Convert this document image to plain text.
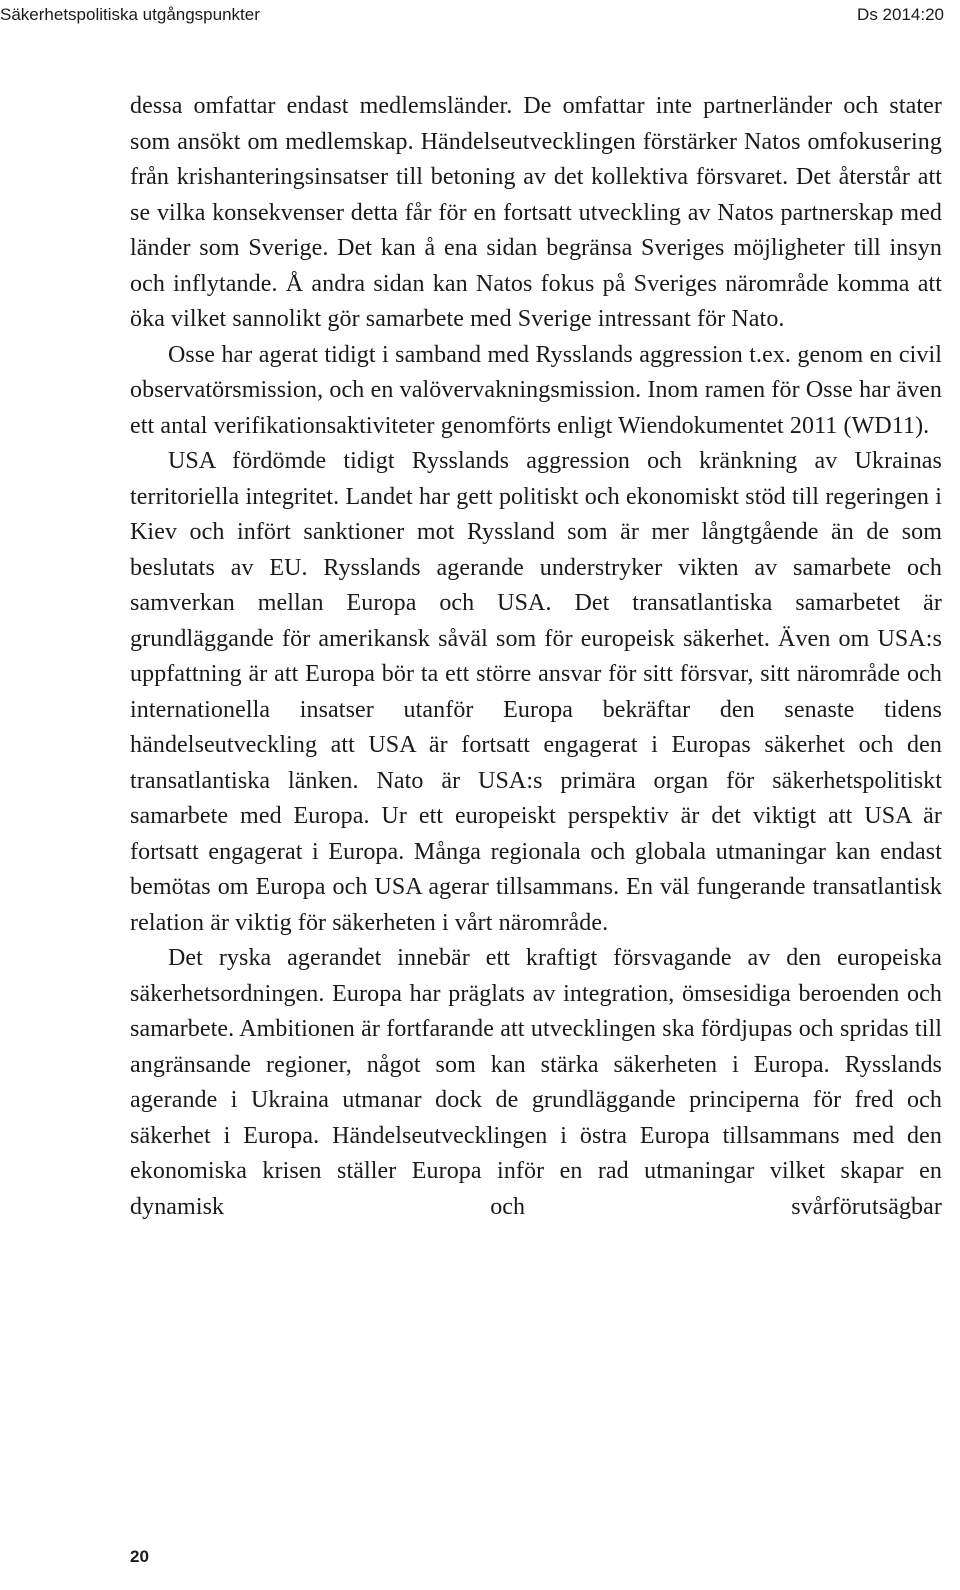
Säkerhetspolitiska utgångspunkter	Ds 2014:20

dessa omfattar endast medlemsländer. De omfattar inte partnerländer och stater som ansökt om medlemskap. Händelseutvecklingen förstärker Natos omfokusering från krishanteringsinsatser till betoning av det kollektiva försvaret. Det återstår att se vilka konsekvenser detta får för en fortsatt utveckling av Natos partnerskap med länder som Sverige. Det kan å ena sidan begränsa Sveriges möjligheter till insyn och inflytande. Å andra sidan kan Natos fokus på Sveriges närområde komma att öka vilket sannolikt gör samarbete med Sverige intressant för Nato.

Osse har agerat tidigt i samband med Rysslands aggression t.ex. genom en civil observatörsmission, och en valövervakningsmission. Inom ramen för Osse har även ett antal verifikationsaktiviteter genomförts enligt Wiendokumentet 2011 (WD11).

USA fördömde tidigt Rysslands aggression och kränkning av Ukrainas territoriella integritet. Landet har gett politiskt och ekonomiskt stöd till regeringen i Kiev och infört sanktioner mot Ryssland som är mer långtgående än de som beslutats av EU. Rysslands agerande understryker vikten av samarbete och samverkan mellan Europa och USA. Det transatlantiska samarbetet är grundläggande för amerikansk såväl som för europeisk säkerhet. Även om USA:s uppfattning är att Europa bör ta ett större ansvar för sitt försvar, sitt närområde och internationella insatser utanför Europa bekräftar den senaste tidens händelseutveckling att USA är fortsatt engagerat i Europas säkerhet och den transatlantiska länken. Nato är USA:s primära organ för säkerhetspolitiskt samarbete med Europa. Ur ett europeiskt perspektiv är det viktigt att USA är fortsatt engagerat i Europa. Många regionala och globala utmaningar kan endast bemötas om Europa och USA agerar tillsammans. En väl fungerande transatlantisk relation är viktig för säkerheten i vårt närområde.

Det ryska agerandet innebär ett kraftigt försvagande av den europeiska säkerhetsordningen. Europa har präglats av integration, ömsesidiga beroenden och samarbete. Ambitionen är fortfarande att utvecklingen ska fördjupas och spridas till angränsande regioner, något som kan stärka säkerheten i Europa. Rysslands agerande i Ukraina utmanar dock de grundläggande principerna för fred och säkerhet i Europa. Händelseutvecklingen i östra Europa tillsammans med den ekonomiska krisen ställer Europa inför en rad utmaningar vilket skapar en dynamisk och svårförutsägbar

20
